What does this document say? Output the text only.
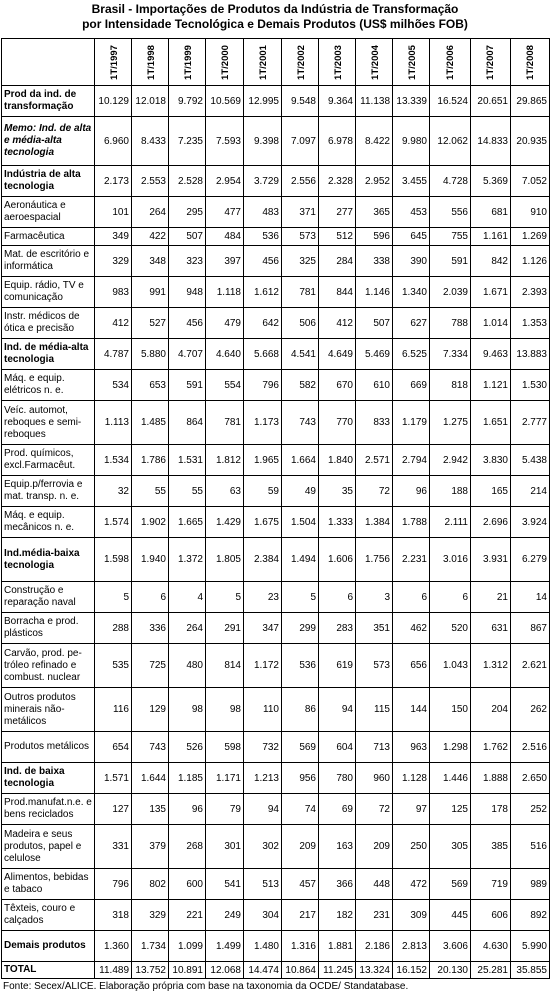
Brasil - Importações de Produtos da Indústria de Transformação
por Intensidade Tecnológica e Demais Produtos (US$ milhões FOB)
	1T/1997	1T/1998	1T/1999	1T/2000	1T/2001	1T/2002	1T/2003	1T/2004	1T/2005	1T/2006	1T/2007	1T/2008
Prod da ind. de transformação	10.129	12.018	9.792	10.569	12.995	9.548	9.364	11.138	13.339	16.524	20.651	29.865
Memo: Ind. de alta e média-alta tecnologia	6.960	8.433	7.235	7.593	9.398	7.097	6.978	8.422	9.980	12.062	14.833	20.935
Indústria de alta tecnologia	2.173	2.553	2.528	2.954	3.729	2.556	2.328	2.952	3.455	4.728	5.369	7.052
Aeronáutica e aeroespacial	101	264	295	477	483	371	277	365	453	556	681	910
Farmacêutica	349	422	507	484	536	573	512	596	645	755	1.161	1.269
Mat. de escritório e informática	329	348	323	397	456	325	284	338	390	591	842	1.126
Equip. rádio, TV e comunicação	983	991	948	1.118	1.612	781	844	1.146	1.340	2.039	1.671	2.393
Instr. médicos de ótica e precisão	412	527	456	479	642	506	412	507	627	788	1.014	1.353
Ind. de média-alta tecnologia	4.787	5.880	4.707	4.640	5.668	4.541	4.649	5.469	6.525	7.334	9.463	13.883
Máq. e equip. elétricos n. e.	534	653	591	554	796	582	670	610	669	818	1.121	1.530
Veíc. automot, reboques e semi-reboques	1.113	1.485	864	781	1.173	743	770	833	1.179	1.275	1.651	2.777
Prod. químicos, excl.Farmacêut.	1.534	1.786	1.531	1.812	1.965	1.664	1.840	2.571	2.794	2.942	3.830	5.438
Equip.p/ferrovia e mat. transp. n. e.	32	55	55	63	59	49	35	72	96	188	165	214
Máq. e equip. mecânicos n. e.	1.574	1.902	1.665	1.429	1.675	1.504	1.333	1.384	1.788	2.111	2.696	3.924
Ind.média-baixa tecnologia	1.598	1.940	1.372	1.805	2.384	1.494	1.606	1.756	2.231	3.016	3.931	6.279
Construção e reparação naval	5	6	4	5	23	5	6	3	6	6	21	14
Borracha e prod. plásticos	288	336	264	291	347	299	283	351	462	520	631	867
Carvão, prod. pe-tróleo refinado e combust. nuclear	535	725	480	814	1.172	536	619	573	656	1.043	1.312	2.621
Outros produtos minerais não-metálicos	116	129	98	98	110	86	94	115	144	150	204	262
Produtos metálicos	654	743	526	598	732	569	604	713	963	1.298	1.762	2.516
Ind. de baixa tecnologia	1.571	1.644	1.185	1.171	1.213	956	780	960	1.128	1.446	1.888	2.650
Prod.manufat.n.e. e bens reciclados	127	135	96	79	94	74	69	72	97	125	178	252
Madeira e seus produtos, papel e celulose	331	379	268	301	302	209	163	209	250	305	385	516
Alimentos, bebidas e tabaco	796	802	600	541	513	457	366	448	472	569	719	989
Têxteis, couro e calçados	318	329	221	249	304	217	182	231	309	445	606	892
Demais produtos	1.360	1.734	1.099	1.499	1.480	1.316	1.881	2.186	2.813	3.606	4.630	5.990
TOTAL	11.489	13.752	10.891	12.068	14.474	10.864	11.245	13.324	16.152	20.130	25.281	35.855
Fonte: Secex/ALICE. Elaboração própria com base na taxonomia da OCDE/ Standatabase.
